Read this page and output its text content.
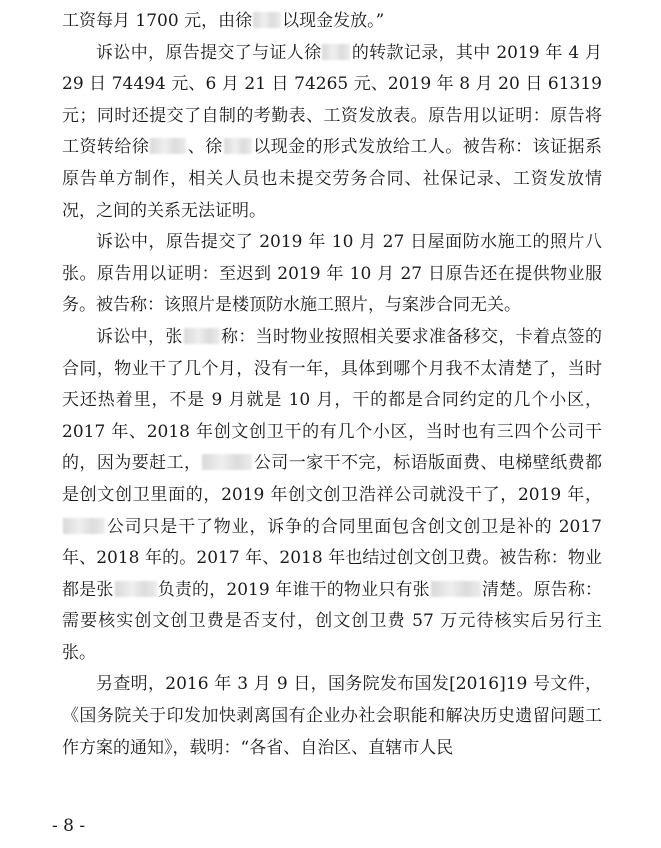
工资每月 1700 元，由徐 以现金发放。”

诉讼中，原告提交了与证人徐 的转款记录，其中 2019 年 4 月 29 日 74494 元、6 月 21 日 74265 元、2019 年 8 月 20 日 61319 元；同时还提交了自制的考勤表、工资发放表。原告用以证明：原告将工资转给徐 、徐 以现金的形式发放给工人。被告称：该证据系原告单方制作，相关人员也未提交劳务合同、社保记录、工资发放情况，之间的关系无法证明。

诉讼中，原告提交了 2019 年 10 月 27 日屋面防水施工的照片八张。原告用以证明：至迟到 2019 年 10 月 27 日原告还在提供物业服务。被告称：该照片是楼顶防水施工照片，与案涉合同无关。

诉讼中，张 称：当时物业按照相关要求准备移交，卡着点签的合同，物业干了几个月，没有一年，具体到哪个月我不太清楚了，当时天还热着里，不是 9 月就是 10 月，干的都是合同约定的几个小区，2017 年、2018 年创文创卫干的有几个小区，当时也有三四个公司干的，因为要赶工，	公司一家干不完，标语版面费、电梯壁纸费都是创文创卫里面的，2019 年创文创卫浩祥公司就没干了，2019 年，公司只是干了物业，诉争的合同里面包含创文创卫是补的 2017 年、2018 年的。2017 年、2018 年也结过创文创卫费。被告称：物业都是张	负责的，2019 年谁干的物业只有张	清楚。原告称：需要核实创文创卫费是否支付，创文创卫费 57 万元待核实后另行主张。

另查明，2016 年 3 月 9 日，国务院发布国发[2016]19 号文件，《国务院关于印发加快剥离国有企业办社会职能和解决历史遗留问题工作方案的通知》，载明：“各省、自治区、直辖市人民

- 8 -
